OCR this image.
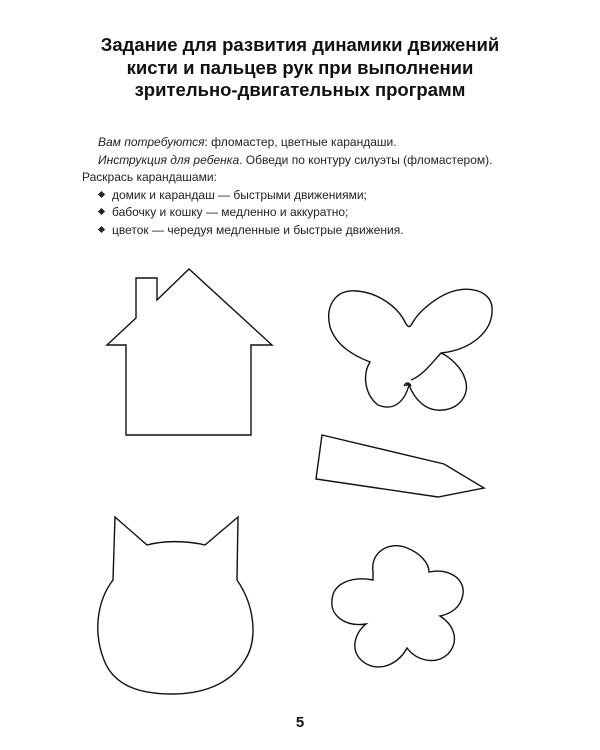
Задание для развития динамики движений
кисти и пальцев рук при выполнении
зрительно-двигательных программ
Вам потребуются: фломастер, цветные карандаши.
Инструкция для ребенка. Обведи по контуру силуэты (фломастером).
Раскрась карандашами:
домик и карандаш — быстрыми движениями;
бабочку и кошку — медленно и аккуратно;
цветок — чередуя медленные и быстрые движения.
5
